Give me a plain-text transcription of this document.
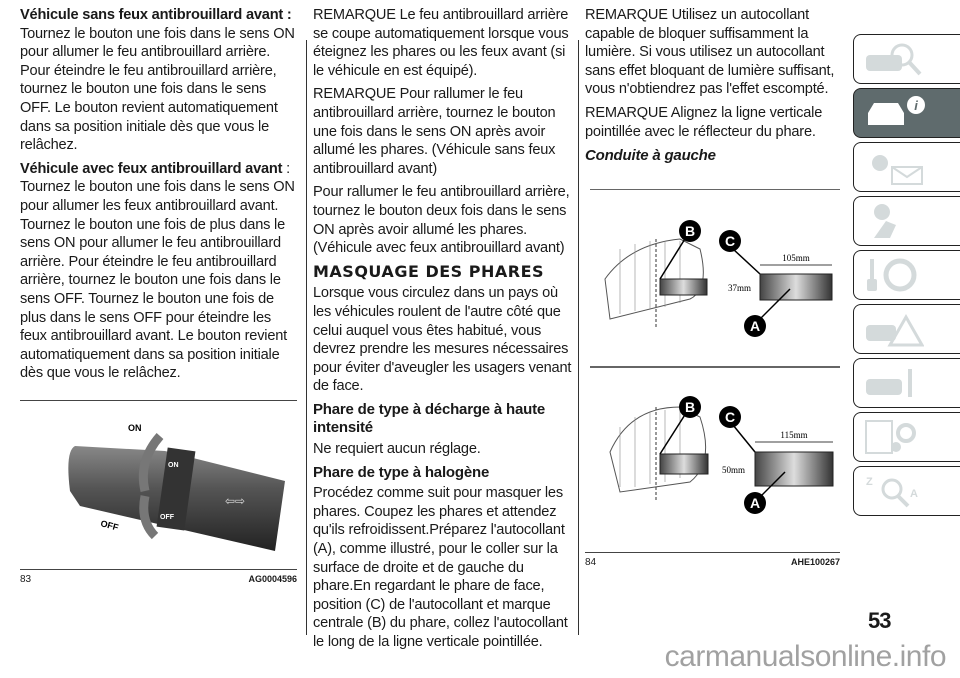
Véhicule sans feux antibrouillard avant : Tournez le bouton une fois dans le sens ON pour allumer le feu antibrouillard arrière. Pour éteindre le feu antibrouillard arrière, tournez le bouton une fois dans le sens OFF. Le bouton revient automatiquement dans sa position initiale dès que vous le relâchez.

Véhicule avec feux antibrouillard avant : Tournez le bouton une fois dans le sens ON pour allumer les feux antibrouillard avant. Tournez le bouton une fois de plus dans le sens ON pour allumer le feu antibrouillard arrière. Pour éteindre le feu antibrouillard arrière, tournez le bouton une fois dans le sens OFF. Tournez le bouton une fois de plus dans le sens OFF pour éteindre les feux antibrouillard avant. Le bouton revient automatiquement dans sa position initiale dès que vous le relâchez.

ON
OFF
ON
OFF
⇦⇨
83	AG0004596

REMARQUE Le feu antibrouillard arrière se coupe automatiquement lorsque vous éteignez les phares ou les feux avant (si le véhicule en est équipé).

REMARQUE Pour rallumer le feu antibrouillard arrière, tournez le bouton une fois dans le sens ON après avoir allumé les phares. (Véhicule sans feux antibrouillard avant)

Pour rallumer le feu antibrouillard arrière, tournez le bouton deux fois dans le sens ON après avoir allumé les phares. (Véhicule avec feux antibrouillard avant)

MASQUAGE DES PHARES

Lorsque vous circulez dans un pays où les véhicules roulent de l'autre côté que celui auquel vous êtes habitué, vous devrez prendre les mesures nécessaires pour éviter d'aveugler les usagers venant de face.

Phare de type à décharge à haute intensité

Ne requiert aucun réglage.

Phare de type à halogène

Procédez comme suit pour masquer les phares. Coupez les phares et attendez qu'ils refroidissent.Préparez l'autocollant (A), comme illustré, pour le coller sur la surface de droite et de gauche du phare.En regardant le phare de face, position (C) de l'autocollant et marque centrale (B) du phare, collez l'autocollant le long de la ligne verticale pointillée.

REMARQUE Utilisez un autocollant capable de bloquer suffisamment la lumière. Si vous utilisez un autocollant sans effet bloquant de lumière suffisant, vous n'obtiendrez pas l'effet escompté.

REMARQUE Alignez la ligne verticale pointillée avec le réflecteur du phare.

Conduite à gauche
B
C
105mm
37mm
A
B
C
115mm
50mm
A
84	AHE100267
i
Z
A
53
carmanualsonline.info
